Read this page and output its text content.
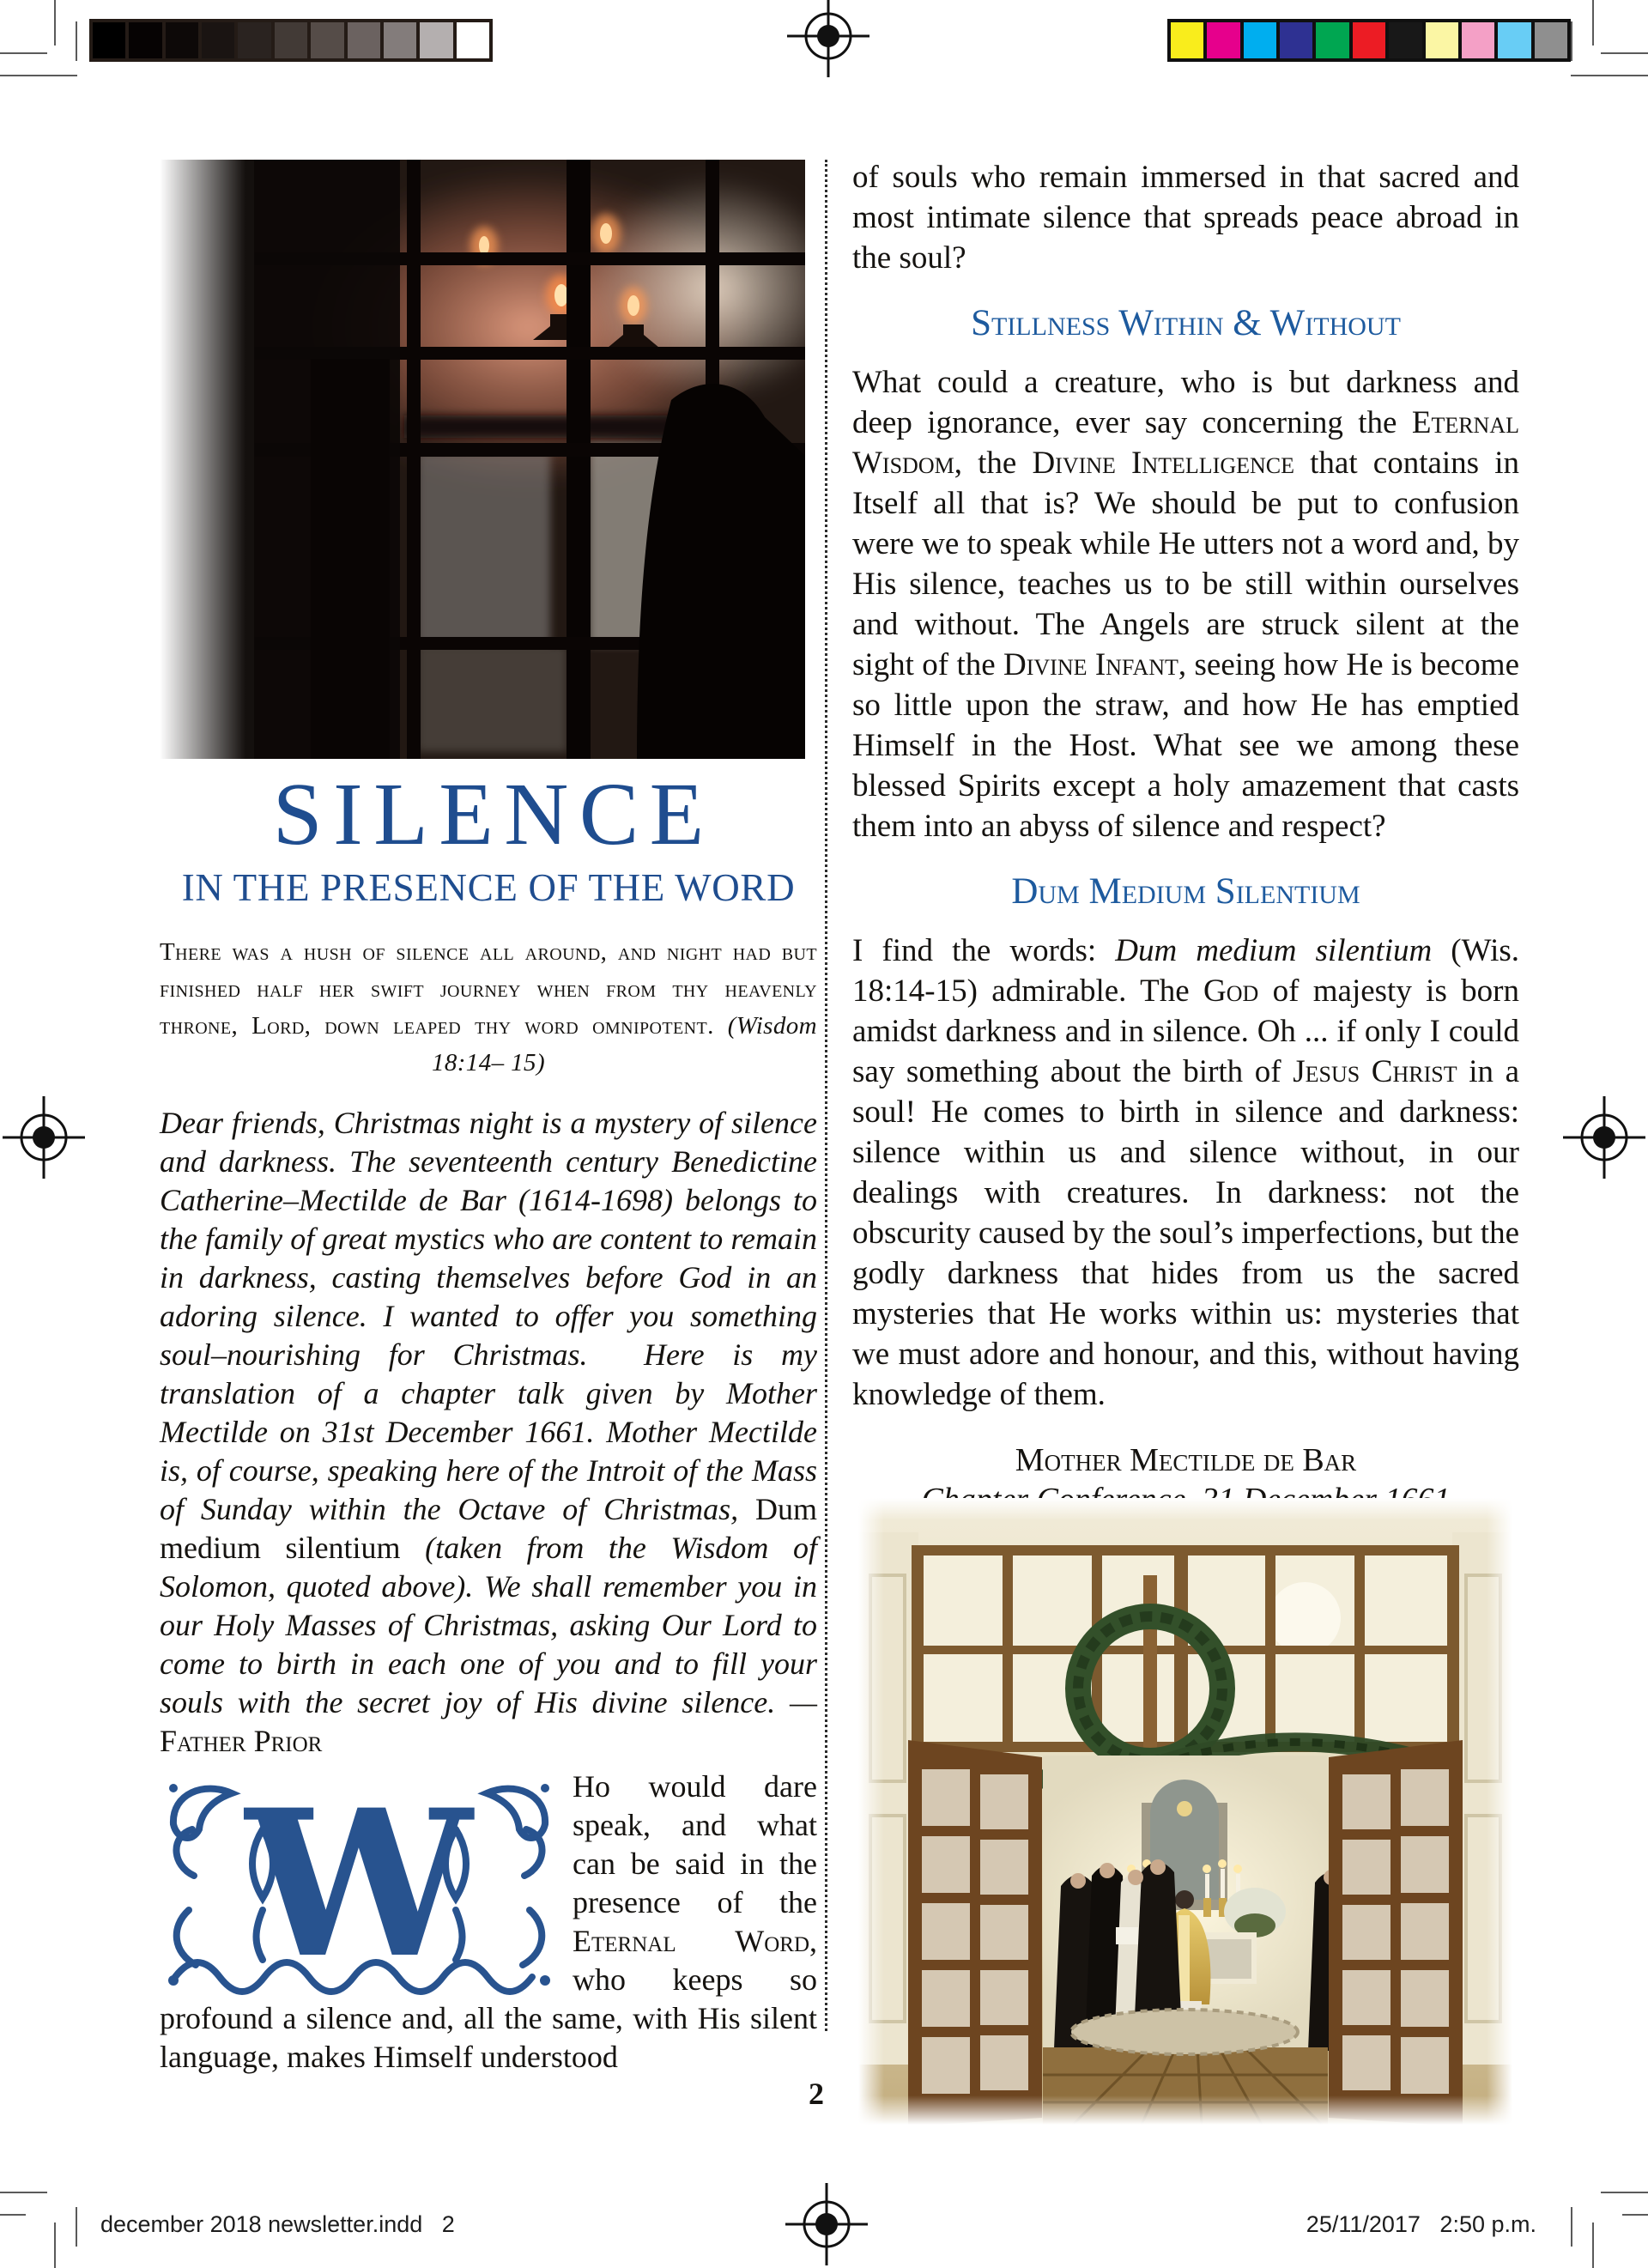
SILENCE
IN THE PRESENCE OF THE WORD

There was a hush of silence all around, and night had but finished half her swift journey when from thy heavenly throne, Lord, down leaped thy word omnipotent. (Wisdom 18:14– 15)

Dear friends, Christmas night is a mystery of silence and darkness. The seventeenth century Benedictine Catherine–Mectilde de Bar (1614-1698) belongs to the family of great mystics who are content to remain in darkness, casting themselves before God in an adoring silence. I wanted to offer you something soul–nourishing for Christmas.  Here is my translation of a chapter talk given by Mother Mectilde on 31st December 1661. Mother Mectilde is, of course, speaking here of the Introit of the Mass of Sunday within the Octave of Christmas, Dum medium silentium (taken from the Wisdom of Solomon, quoted above). We shall remember you in our Holy Masses of Christmas, asking Our Lord to come to birth in each one of you and to fill your souls with the secret joy of His divine silence. — Father Prior

W	Ho would dare speak, and what can be said in the presence of the Eternal Word, who keeps so profound a silence and, all the same, with His silent language, makes Himself understood

of souls who remain immersed in that sacred and most intimate silence that spreads peace abroad in the soul?

Stillness Within & Without

What could a creature, who is but darkness and deep ignorance, ever say concerning the Eternal Wisdom, the Divine Intelligence that contains in Itself all that is? We should be put to confusion were we to speak while He utters not a word and, by His silence, teaches us to be still within ourselves and without. The Angels are struck silent at the sight of the Divine Infant, seeing how He is become so little upon the straw, and how He has emptied Himself in the Host. What see we among these blessed Spirits except a holy amazement that casts them into an abyss of silence and respect?

Dum Medium Silentium

I find the words: Dum medium silentium (Wis. 18:14-15) admirable. The God of majesty is born amidst darkness and in silence. Oh ... if only I could say something about the birth of Jesus Christ in a soul! He comes to birth in silence and darkness: silence within us and silence without, in our dealings with creatures. In darkness: not the obscurity caused by the soul’s imperfections, but the godly darkness that hides from us the sacred mysteries that He works within us: mysteries that we must adore and honour, and this, without having knowledge of them.

Mother Mectilde de Bar
2
december 2018 newsletter.indd   2	25/11/2017   2:50 p.m.
